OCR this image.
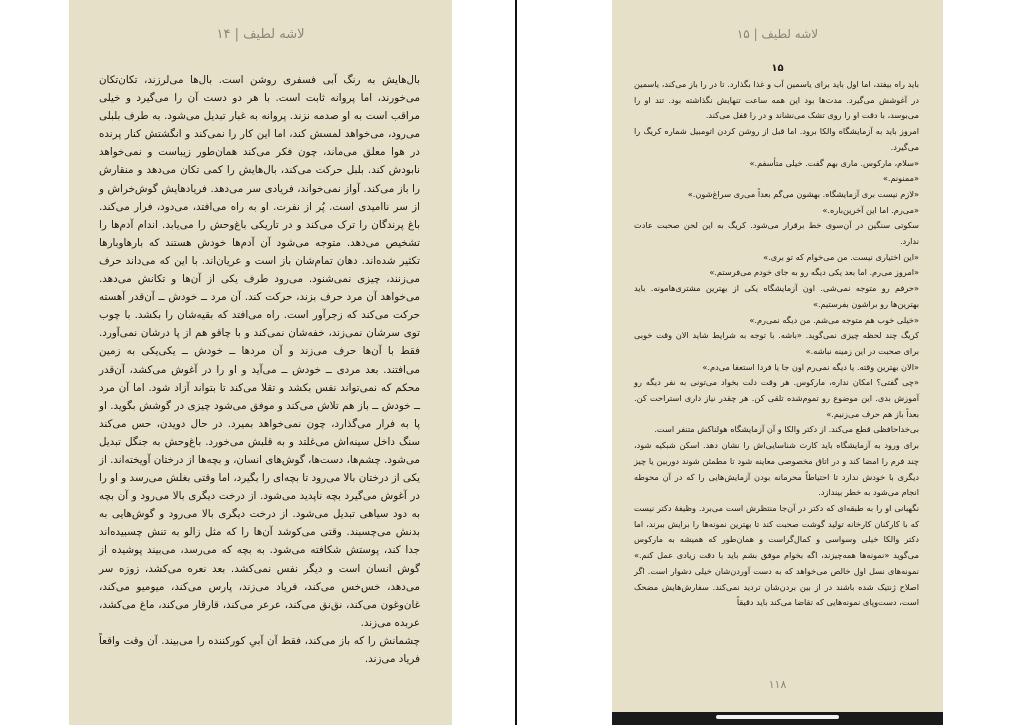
لاشه لطیف | ۱۴

بال‌هایش به رنگ آبی فسفری روشن است. بال‌ها می‌لرزند، تکان‌تکان می‌خورند، اما پروانه ثابت است. با هر دو دست آن را می‌گیرد و خیلی مراقب است به او صدمه نزند. پروانه به غبار تبدیل می‌شود. به طرف بلبلی می‌رود، می‌خواهد لمسش کند، اما این کار را نمی‌کند و انگشتش کنار پرنده در هوا معلق می‌ماند، چون فکر می‌کند همان‌طور زیباست و نمی‌خواهد نابودش کند. بلبل حرکت می‌کند، بال‌هایش را کمی تکان می‌دهد و منقارش را باز می‌کند. آواز نمی‌خواند، فریادی سر می‌دهد. فریادهایش گوش‌خراش و از سر ناامیدی است. پُر از نفرت. او به راه می‌افتد، می‌دود، فرار می‌کند. باغ پرندگان را ترک می‌کند و در تاریکی باغ‌وحش را می‌یابد. اندام آدم‌ها را تشخیص می‌دهد. متوجه می‌شود آن آدم‌ها خودش هستند که بارها‌وبارها تکثیر شده‌اند. دهان تمام‌شان باز است و عریان‌اند. با این که می‌داند حرف می‌زنند، چیزی نمی‌شنود. می‌رود طرف یکی از آن‌ها و تکانش می‌دهد. می‌خواهد آن مرد حرف بزند، حرکت کند. آن مرد ــ خودش ــ آن‌قدر آهسته حرکت می‌کند که زجرآور است. راه می‌افتد که بقیه‌شان را بکشد. با چوب توی سرشان نمی‌زند، خفه‌شان نمی‌کند و با چاقو هم از پا درشان نمی‌آورد. فقط با آن‌ها حرف می‌زند و آن مردها ــ خودش ــ یکی‌یکی به زمین می‌افتند. بعد مردی ــ خودش ــ می‌آید و او را در آغوش می‌کشد، آن‌قدر محکم که نمی‌تواند نفس بکشد و تقلا می‌کند تا بتواند آزاد شود. اما آن مرد ــ خودش ــ باز هم تلاش می‌کند و موفق می‌شود چیزی در گوشش بگوید. او پا به فرار می‌گذارد، چون نمی‌خواهد بمیرد. در حال دویدن، حس می‌کند سنگ داخل سینه‌اش می‌غلتد و به قلبش می‌خورد. باغ‌وحش به جنگل تبدیل می‌شود. چشم‌ها، دست‌ها، گوش‌های انسان، و بچه‌ها از درختان آویخته‌اند. از یکی از درختان بالا می‌رود تا بچه‌ای را بگیرد، اما وقتی بغلش می‌رسد و او را در آغوش می‌گیرد بچه ناپدید می‌شود. از درخت دیگری بالا می‌رود و آن بچه به دود سیاهی تبدیل می‌شود. از درخت دیگری بالا می‌رود و گوش‌هایی به بدنش می‌چسبند. وقتی می‌کوشد آن‌ها را که مثل زالو به تنش چسبیده‌اند جدا کند، پوستش شکافته می‌شود. به بچه که می‌رسد، می‌بیند پوشیده از گوش انسان است و دیگر نفس نمی‌کشد. بعد نعره می‌کشد، زوزه سر می‌دهد، خس‌خس می‌کند، فریاد می‌زند، پارس می‌کند، میومیو می‌کند، غان‌وغون می‌کند، نق‌نق می‌کند، عرعر می‌کند، قارقار می‌کند، ماغ می‌کشد، عربده می‌زند.

چشمانش را که باز می‌کند، فقط آن آبیِ کورکننده را می‌بیند. آن وقت واقعاً فریاد می‌زند.

لاشه لطیف | ۱۵
۱۵

باید راه بیفتد، اما اول باید برای یاسمین آب و غذا بگذارد. تا در را باز می‌کند، یاسمین در آغوشش می‌گیرد. مدت‌ها بود این همه ساعت تنهایش نگذاشته بود. تند او را می‌بوسد، با دقت او را روی تشک می‌نشاند و در را قفل می‌کند.

امروز باید به آزمایشگاه والکا برود. اما قبل از روشن کردن اتومبیل شماره کریگ را می‌گیرد.

«سلام، مارکوس. ماری بهم گفت. خیلی متأسفم.»

«ممنونم.»

«لازم نیست بری آزمایشگاه. بهشون می‌گم بعداً می‌ری سراغ‌شون.»

«می‌رم. اما این آخرین‌باره.»

سکوتی سنگین در آن‌سوی خط برقرار می‌شود. کریگ به این لحن صحبت عادت ندارد.

«این اختیاری نیست. من می‌خوام که تو بری.»

«امروز می‌رم. اما بعد یکی دیگه رو به جای خودم می‌فرستم.»

«حرفم رو متوجه نمی‌شی. اون آزمایشگاه یکی از بهترین مشتری‌هامونه. باید بهترین‌ها رو براشون بفرستیم.»

«خیلی خوب هم متوجه می‌شم. من دیگه نمی‌رم.»

کریگ چند لحظه چیزی نمی‌گوید. «باشه. با توجه به شرایط شاید الان وقت خوبی برای صحبت در این زمینه نباشه.»

«الان بهترین وقته. یا دیگه نمی‌رم اون جا یا فردا استعفا می‌دم.»

«چی گفتی؟ امکان نداره، مارکوس. هر وقت دلت بخواد می‌تونی به نفر دیگه رو آموزش بدی. این موضوع رو تموم‌شده تلقی کن. هر چقدر نیاز داری استراحت کن. بعداً باز هم حرف می‌زنیم.»

بی‌خداحافظی قطع می‌کند. از دکتر والکا و آن آزمایشگاه هولناکش متنفر است.

برای ورود به آزمایشگاه باید کارت شناسایی‌اش را نشان دهد. اسکن شبکیه شود، چند فرم را امضا کند و در اتاق مخصوصی معاینه شود تا مطمئن شوند دوربین یا چیز دیگری با خودش ندارد تا احتیاطاً محرمانه بودن آزمایش‌هایی را که در آن محوطه انجام می‌شود به خطر بیندازد.

نگهبانی او را به طبقه‌ای که دکتر در آن‌جا منتظرش است می‌برد. وظیفهٔ دکتر نیست که با کارکنان کارخانه تولید گوشت صحبت کند تا بهترین نمونه‌ها را برایش ببرند، اما دکتر والکا خیلی وسواسی و کمال‌گراست و همان‌طور که همیشه به مارکوس می‌گوید «نمونه‌ها همه‌چیزند، اگه بخوام موفق بشم باید با دقت زیادی عمل کنم.» نمونه‌های نسل اول خالص می‌خواهد که به دست آوردن‌شان خیلی دشوار است. اگر اصلاح ژنتیک شده باشند در از بین بردن‌شان تردید نمی‌کند. سفارش‌هایش مضحک است، دست‌وپای نمونه‌هایی که تقاضا می‌کند باید دقیقاً

۱۱۸
